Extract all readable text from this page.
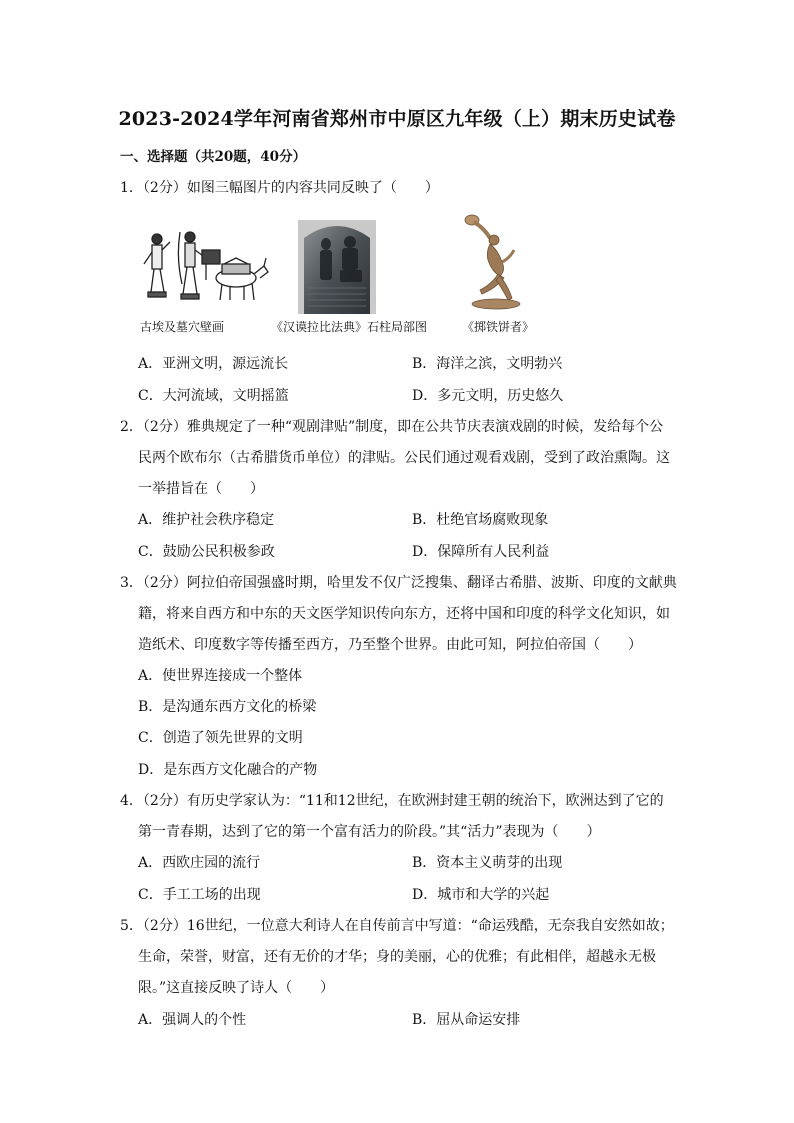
2023-2024学年河南省郑州市中原区九年级（上）期末历史试卷
一、选择题（共20题，40分）
1．（2分）如图三幅图片的内容共同反映了（　　）
古埃及墓穴壁画	《汉谟拉比法典》石柱局部图	《掷铁饼者》
A．亚洲文明，源远流长	B．海洋之滨，文明勃兴
C．大河流域，文明摇篮	D．多元文明，历史悠久
2．（2分）雅典规定了一种“观剧津贴”制度，即在公共节庆表演戏剧的时候，发给每个公
民两个欧布尔（古希腊货币单位）的津贴。公民们通过观看戏剧，受到了政治熏陶。这
一举措旨在（　　）
A．维护社会秩序稳定	B．杜绝官场腐败现象
C．鼓励公民积极参政	D．保障所有人民利益
3．（2分）阿拉伯帝国强盛时期，哈里发不仅广泛搜集、翻译古希腊、波斯、印度的文献典
籍，将来自西方和中东的天文医学知识传向东方，还将中国和印度的科学文化知识，如
造纸术、印度数字等传播至西方，乃至整个世界。由此可知，阿拉伯帝国（　　）
A．使世界连接成一个整体
B．是沟通东西方文化的桥梁
C．创造了领先世界的文明
D．是东西方文化融合的产物
4．（2分）有历史学家认为：“11和12世纪，在欧洲封建王朝的统治下，欧洲达到了它的
第一青春期，达到了它的第一个富有活力的阶段。”其“活力”表现为（　　）
A．西欧庄园的流行	B．资本主义萌芽的出现
C．手工工场的出现	D．城市和大学的兴起
5．（2分）16世纪，一位意大利诗人在自传前言中写道：“命运残酷，无奈我自安然如故；
生命，荣誉，财富，还有无价的才华；身的美丽，心的优雅；有此相伴，超越永无极
限。”这直接反映了诗人（　　）
A．强调人的个性	B．屈从命运安排
